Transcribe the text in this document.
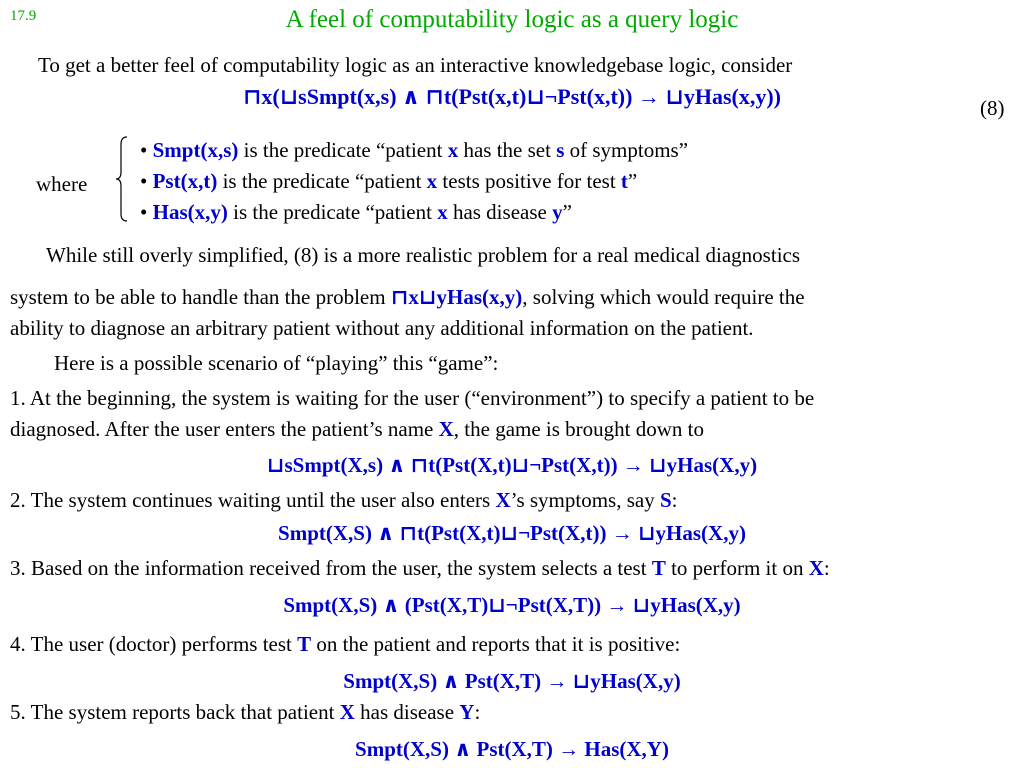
17.9	A feel of computability logic as a query logic
To get a better feel of computability logic as an interactive knowledgebase logic, consider
⊓x(⊔sSmpt(x,s) ∧ ⊓t(Pst(x,t)⊔¬Pst(x,t)) → ⊔yHas(x,y))	(8)
where
• Smpt(x,s) is the predicate “patient x has the set s of symptoms”
• Pst(x,t) is the predicate “patient x tests positive for test t”
• Has(x,y) is the predicate “patient x has disease y”
While still overly simplified, (8) is a more realistic problem for a real medical diagnostics
system to be able to handle than the problem ⊓x⊔yHas(x,y), solving which would require the
ability to diagnose an arbitrary patient without any additional information on the patient.
Here is a possible scenario of “playing” this “game”:
1. At the beginning, the system is waiting for the user (“environment”) to specify a patient to be
diagnosed. After the user enters the patient’s name X, the game is brought down to
⊔sSmpt(X,s) ∧ ⊓t(Pst(X,t)⊔¬Pst(X,t)) → ⊔yHas(X,y)
2. The system continues waiting until the user also enters X’s symptoms, say S:
Smpt(X,S) ∧ ⊓t(Pst(X,t)⊔¬Pst(X,t)) → ⊔yHas(X,y)
3. Based on the information received from the user, the system selects a test T to perform it on X:
Smpt(X,S) ∧ (Pst(X,T)⊔¬Pst(X,T)) → ⊔yHas(X,y)
4. The user (doctor) performs test T on the patient and reports that it is positive:
Smpt(X,S) ∧ Pst(X,T) → ⊔yHas(X,y)
5. The system reports back that patient X has disease Y:
Smpt(X,S) ∧ Pst(X,T) → Has(X,Y)
